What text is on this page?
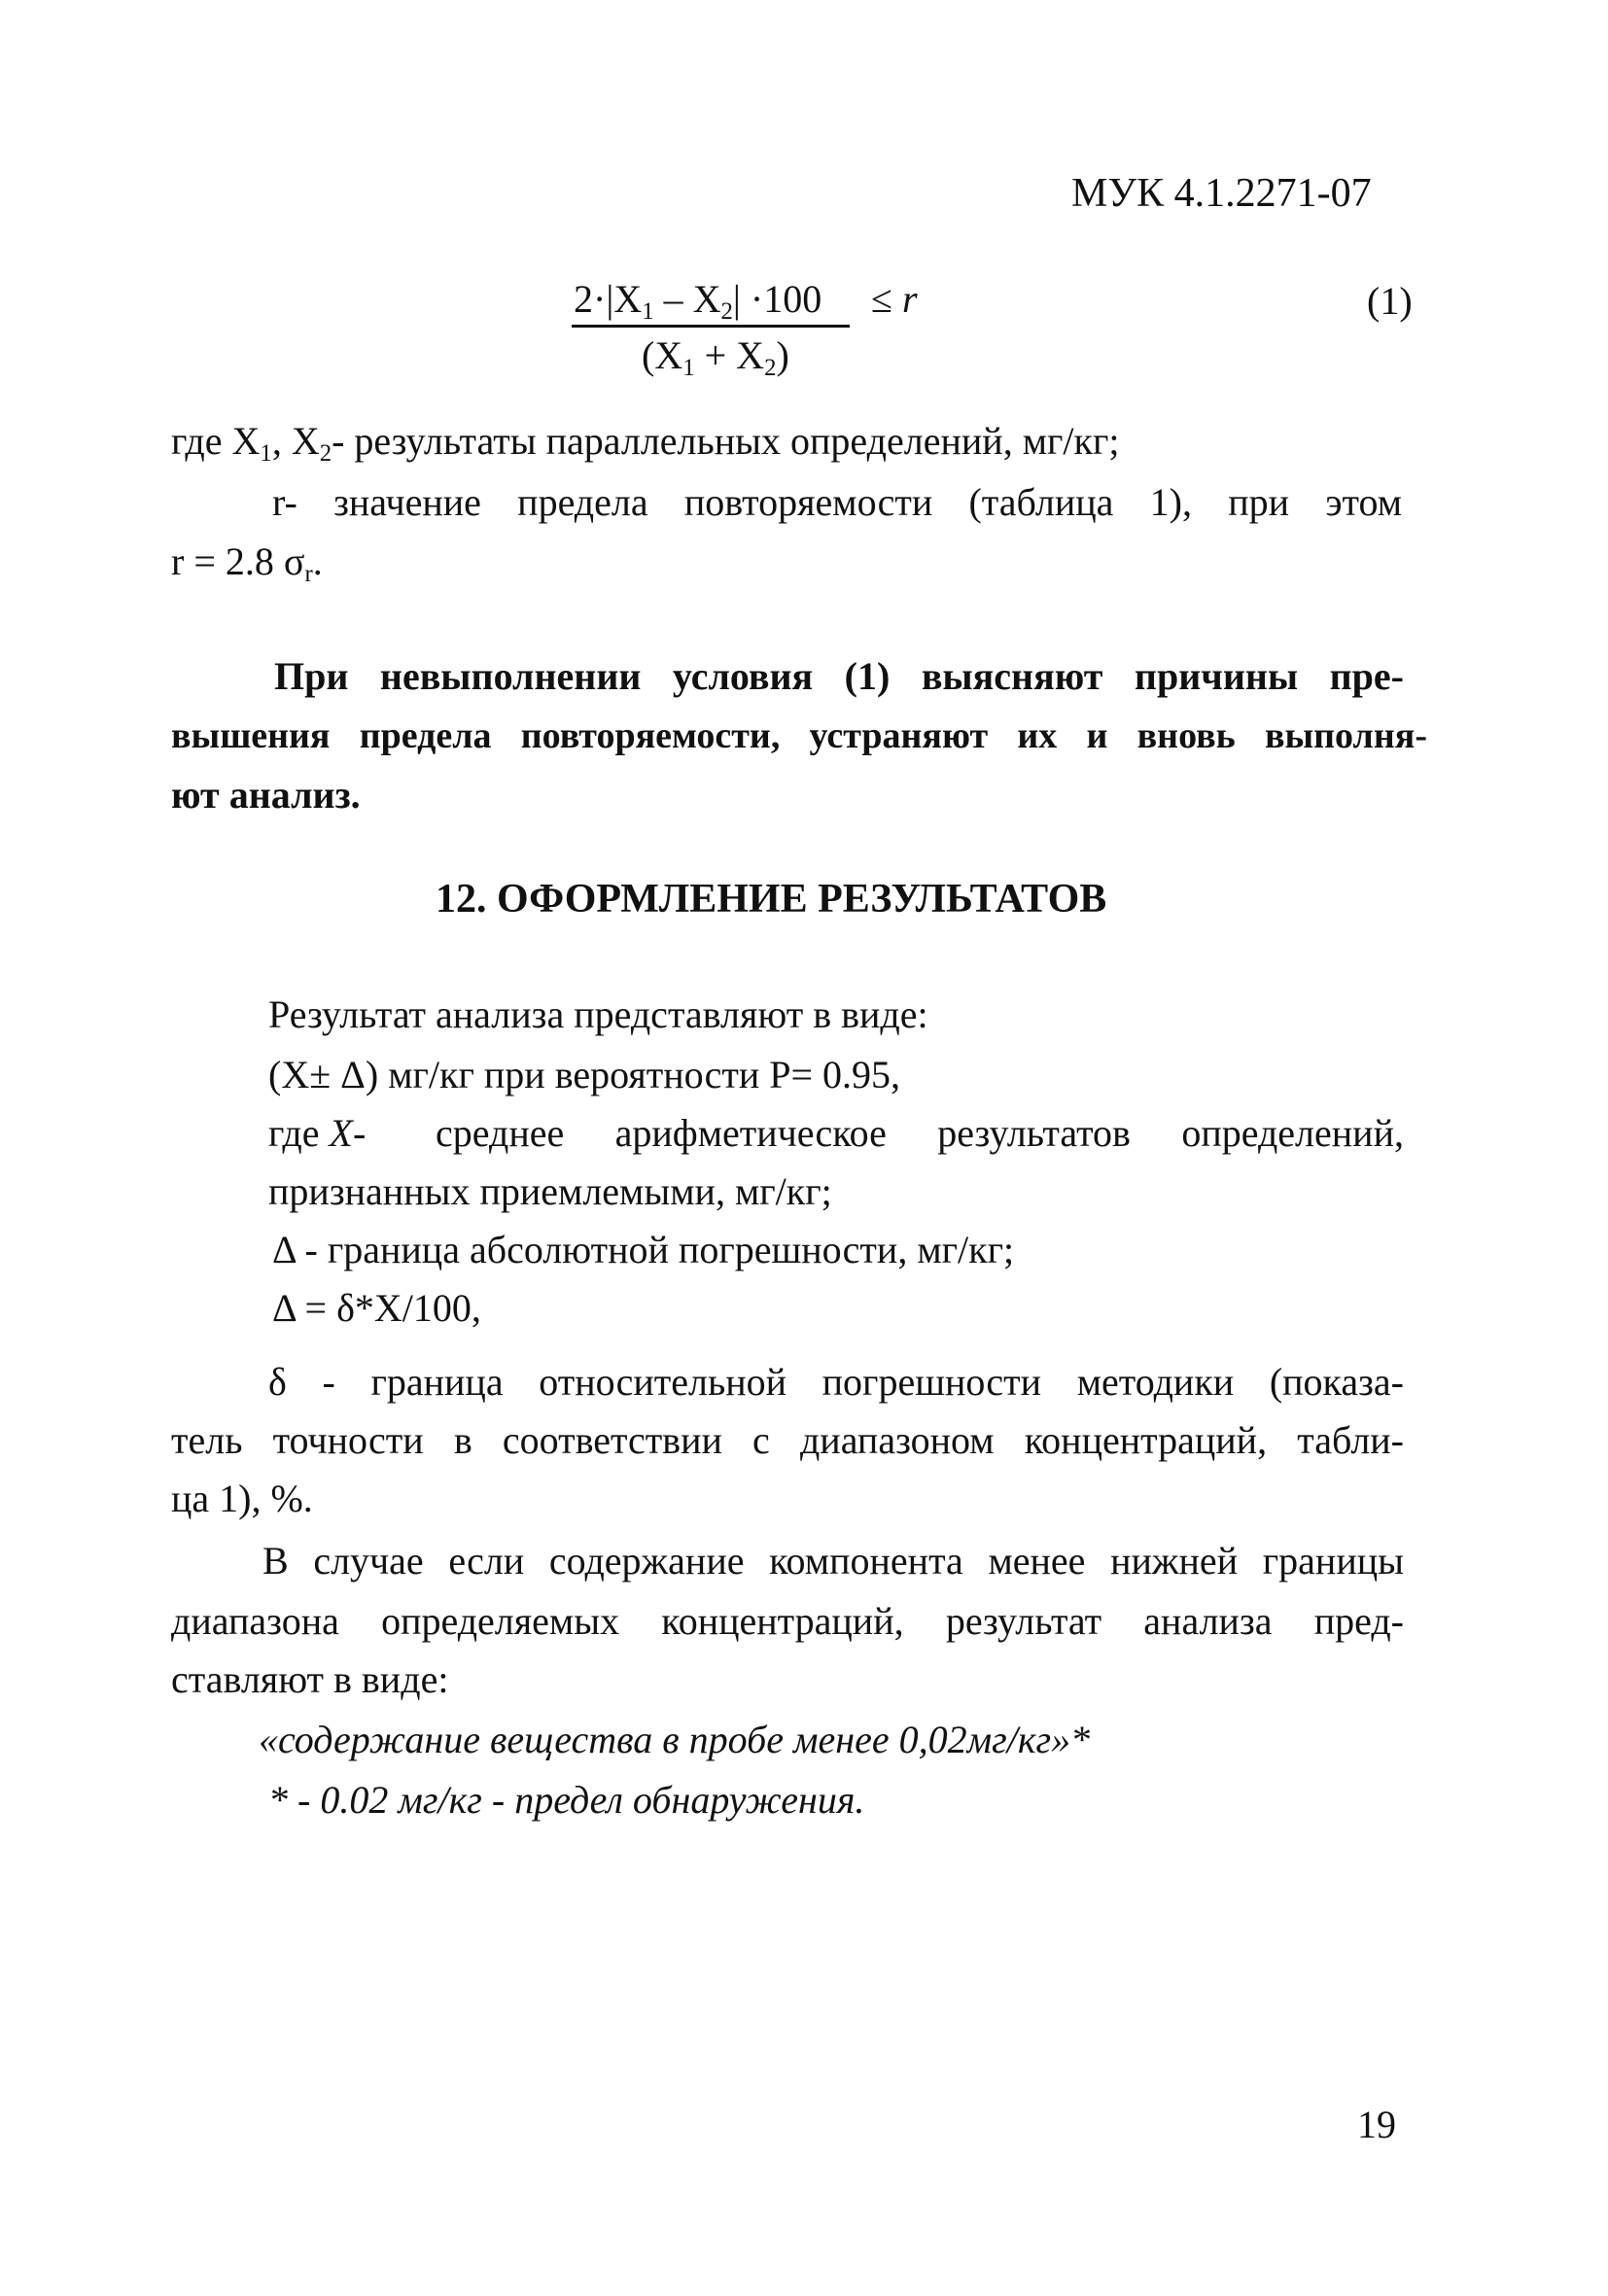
МУК 4.1.2271-07
$2\cdot|X_1 - X_2| \cdot 100 \le r$
$(X_1 + X_2)$
(1)
где $X_1$, $X_2-$ результаты параллельных определений, мг/кг;
r- значение предела повторяемости (таблица 1), при этом
r = 2.8 $\sigma_r$.
При невыполнении условия (1) выясняют причины пре-
вышения предела повторяемости, устраняют их и вновь выполня-
ют анализ.
12. ОФОРМЛЕНИЕ РЕЗУЛЬТАТОВ
Результат анализа представляют в виде:
(X± Δ) мг/кг при вероятности P= 0.95,
где X- среднее арифметическое результатов определений,
признанных приемлемыми, мг/кг;
Δ - граница абсолютной погрешности, мг/кг;
Δ = δ*X/100,
δ - граница относительной погрешности методики (показа-
тель точности в соответствии с диапазоном концентраций, табли-
ца 1), %.
В случае если содержание компонента менее нижней границы
диапазона определяемых концентраций, результат анализа пред-
ставляют в виде:
«содержание вещества в пробе менее 0,02мг/кг»*
* - 0.02 мг/кг - предел обнаружения.
19
